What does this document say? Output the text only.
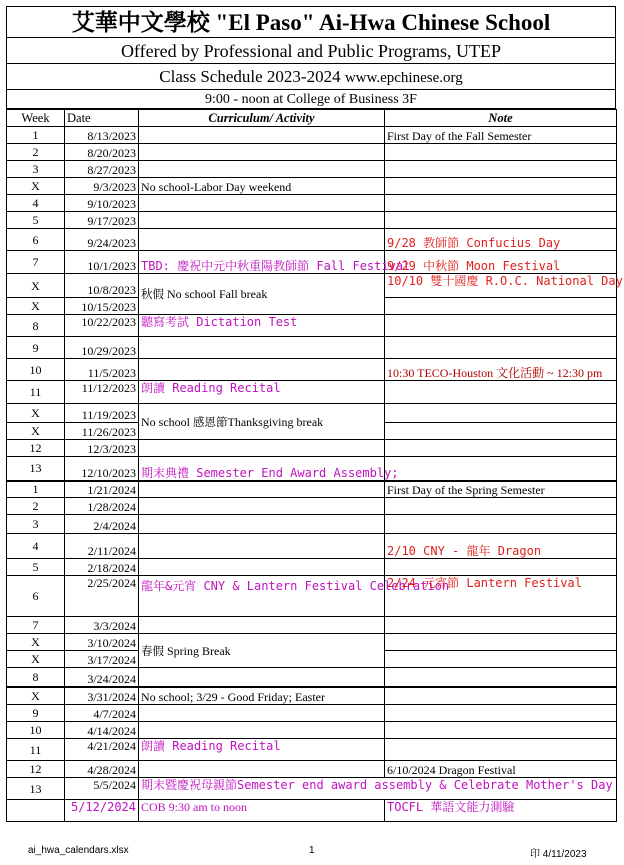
艾華中文學校 "El Paso" Ai-Hwa Chinese School
Offered by Professional and Public Programs, UTEP
Class Schedule 2023-2024 www.epchinese.org
9:00 - noon at College of Business 3F
Week	Date	Curriculum/ Activity	Note
1	8/13/2023		First Day of the Fall Semester
2	8/20/2023		
3	8/27/2023		
X	9/3/2023	No school-Labor Day weekend	
4	9/10/2023		
5	9/17/2023		
6	9/24/2023		9/28 教師節 Confucius Day
7	10/1/2023	TBD: 慶祝中元中秋重陽教師節 Fall Festival	9/29 中秋節 Moon Festival
X	10/8/2023	秋假 No school Fall break	10/10 雙十國慶 R.O.C. National Day
X	10/15/2023		
8	10/22/2023	聽寫考試 Dictation Test	
9	10/29/2023		
10	11/5/2023		10:30 TECO-Houston 文化活動 ~ 12:30 pm
11	11/12/2023	朗讀 Reading Recital	
X	11/19/2023	No school 感恩節Thanksgiving break	
X	11/26/2023		
12	12/3/2023		
13	12/10/2023	期末典禮 Semester End Award Assembly;	
1	1/21/2024		First Day of the Spring Semester
2	1/28/2024		
3	2/4/2024		
4	2/11/2024		2/10 CNY - 龍年 Dragon
5	2/18/2024		
6	2/25/2024	龍年&元宵 CNY & Lantern Festival Celebration	2/24 元宵節 Lantern Festival
7	3/3/2024		
X	3/10/2024	春假 Spring Break	
X	3/17/2024		
8	3/24/2024		
X	3/31/2024	No school; 3/29 - Good Friday; Easter	
9	4/7/2024		
10	4/14/2024		
11	4/21/2024	朗讀 Reading Recital	
12	4/28/2024		6/10/2024 Dragon Festival
13	5/5/2024	期末暨慶祝母親節Semester end award assembly & Celebrate Mother's Day	
	5/12/2024	COB 9:30 am to noon	TOCFL 華語文能力測驗
ai_hwa_calendars.xlsx	1	印 4/11/2023
